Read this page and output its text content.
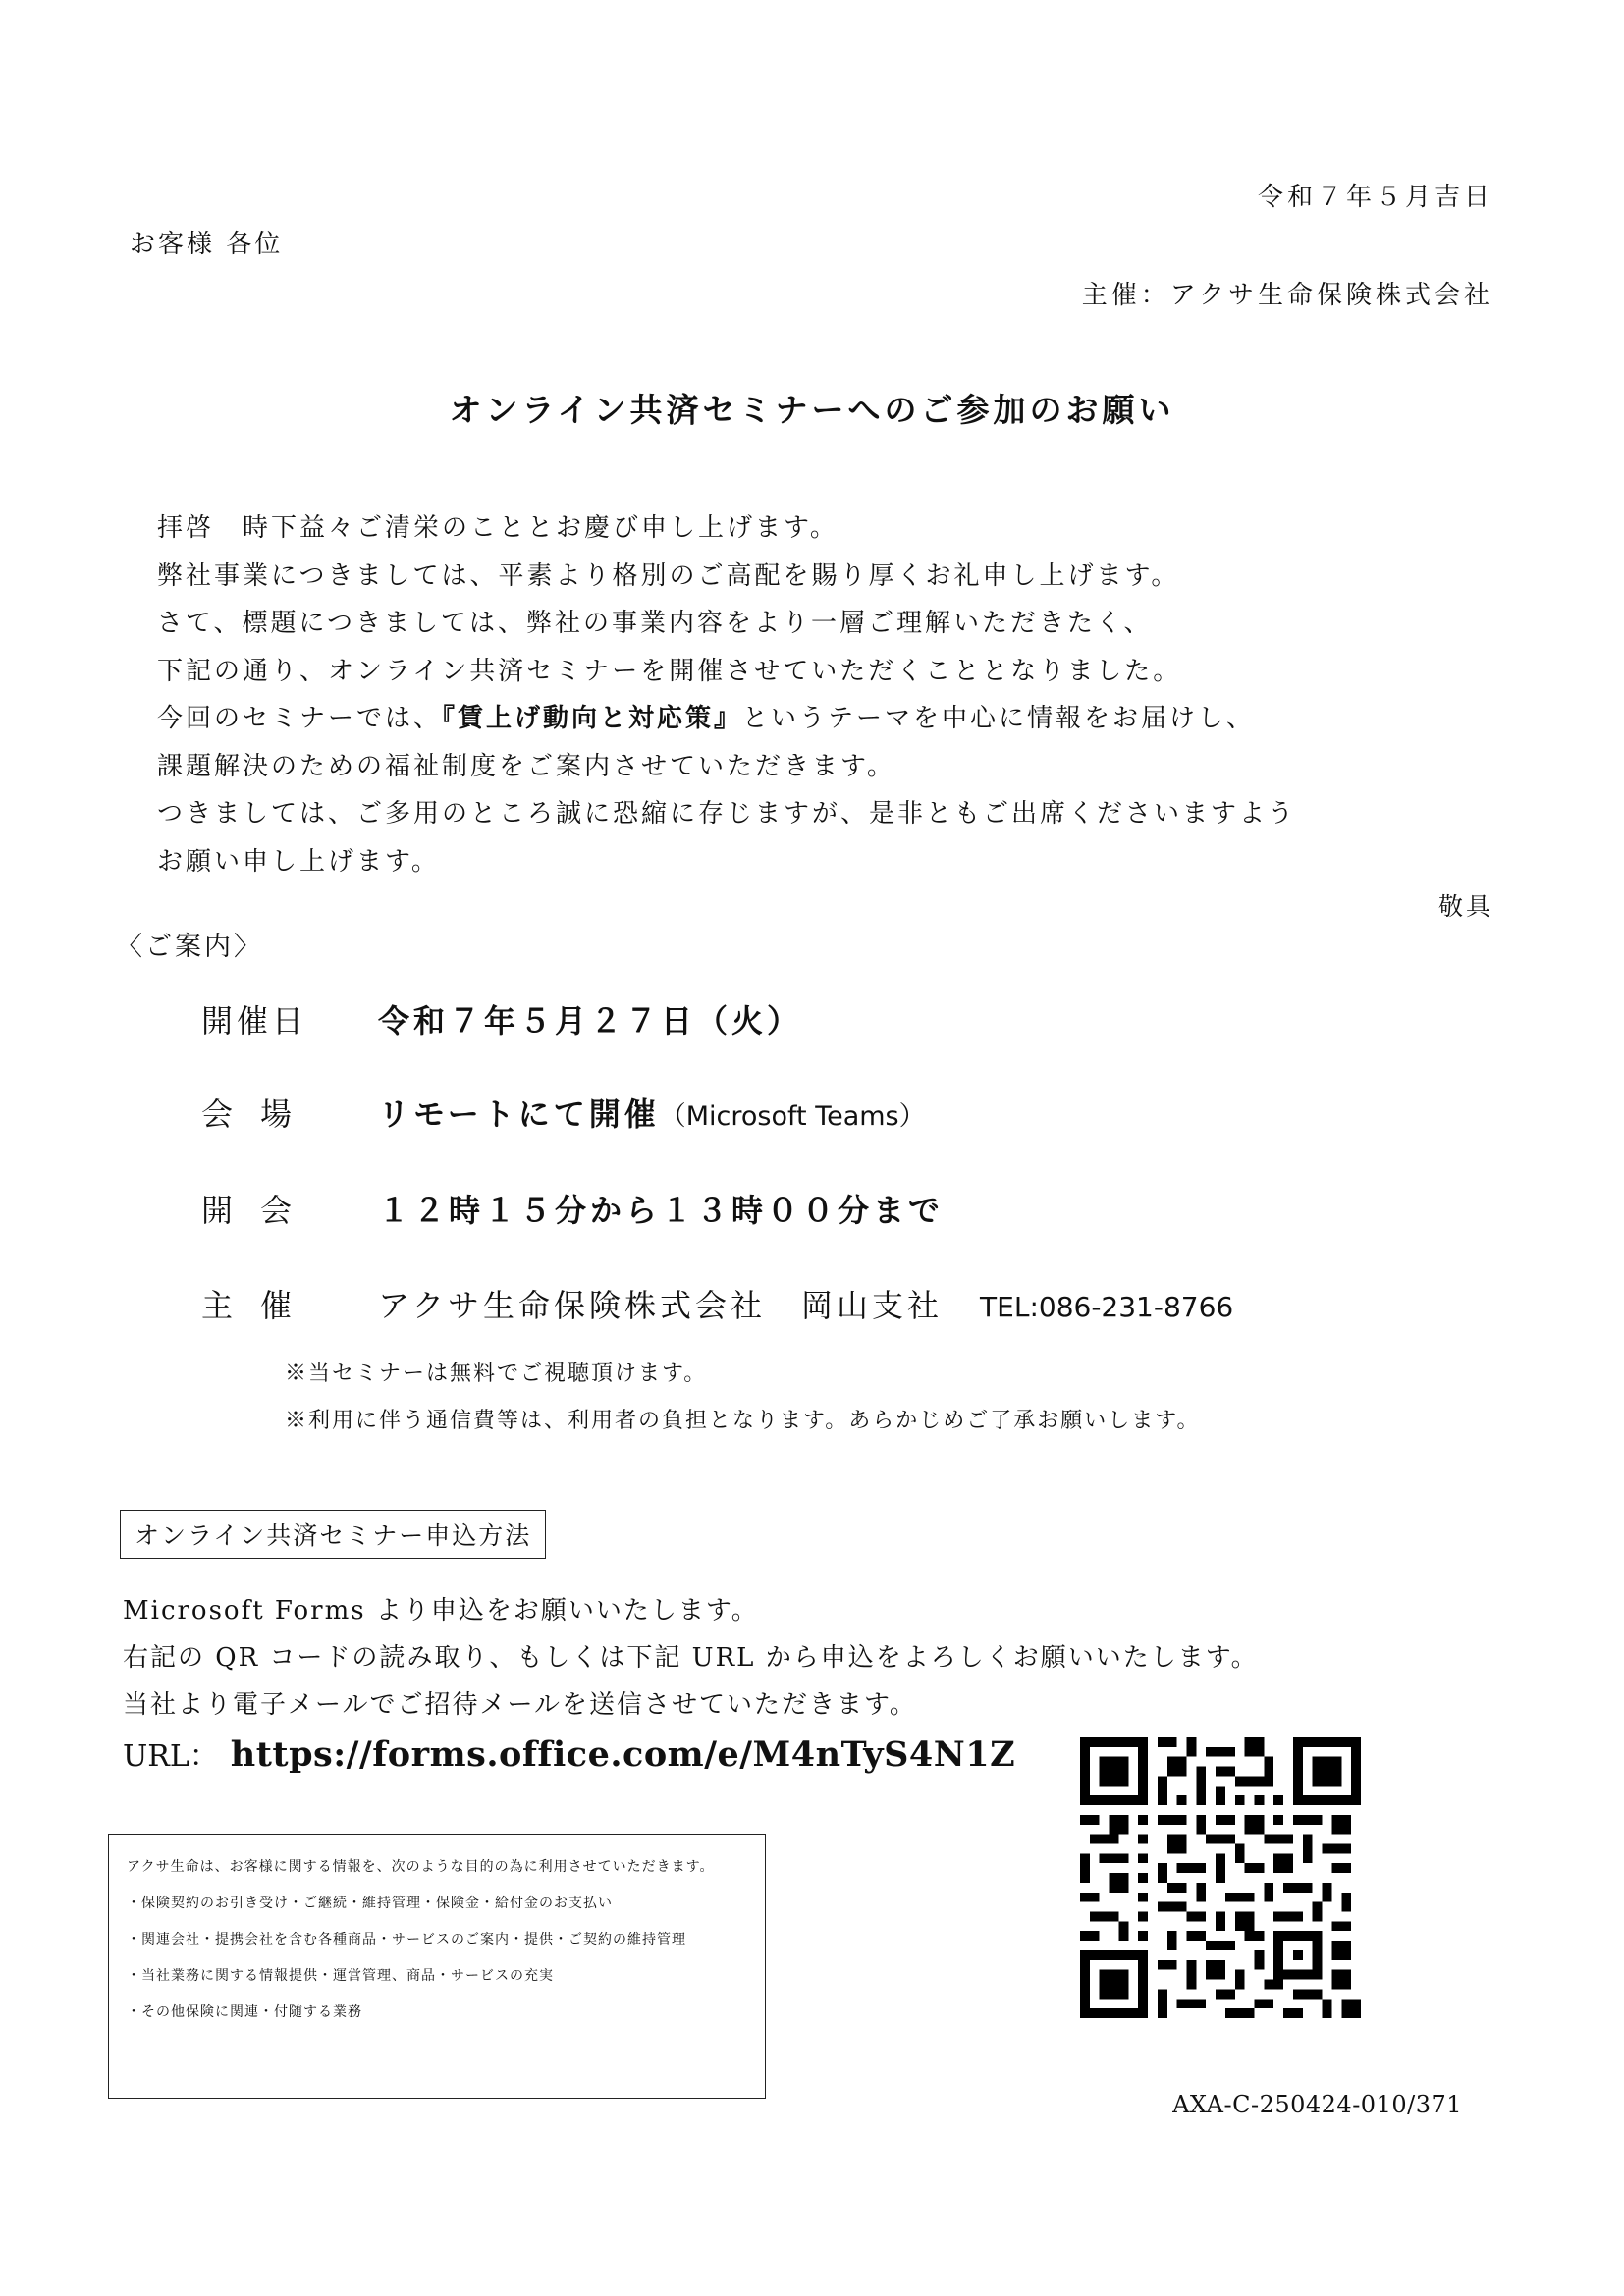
令和７年５月吉日
お客様 各位
主催：アクサ生命保険株式会社
オンライン共済セミナーへのご参加のお願い

拝啓　時下益々ご清栄のこととお慶び申し上げます。

弊社事業につきましては、平素より格別のご高配を賜り厚くお礼申し上げます。

さて、標題につきましては、弊社の事業内容をより一層ご理解いただきたく、

下記の通り、オンライン共済セミナーを開催させていただくこととなりました。

今回のセミナーでは、『賃上げ動向と対応策』というテーマを中心に情報をお届けし、

課題解決のための福祉制度をご案内させていただきます。

つきましては、ご多用のところ誠に恐縮に存じますが、是非ともご出席くださいますよう

お願い申し上げます。

敬具
〈ご案内〉
開催日 令和７年５月２７日（火）
会場 リモートにて開催（Microsoft Teams）
開会 １２時１５分から１３時００分まで
主催 アクサ生命保険株式会社　岡山支社 TEL:086-231-8766
※当セミナーは無料でご視聴頂けます。
※利用に伴う通信費等は、利用者の負担となります。あらかじめご了承お願いします。
オンライン共済セミナー申込方法
Microsoft Forms より申込をお願いいたします。
右記の QR コードの読み取り、もしくは下記 URL から申込をよろしくお願いいたします。
当社より電子メールでご招待メールを送信させていただきます。
URL： https://forms.office.com/e/M4nTyS4N1Z

アクサ生命は、お客様に関する情報を、次のような目的の為に利用させていただきます。

・保険契約のお引き受け・ご継続・維持管理・保険金・給付金のお支払い

・関連会社・提携会社を含む各種商品・サービスのご案内・提供・ご契約の維持管理

・当社業務に関する情報提供・運営管理、商品・サービスの充実

・その他保険に関連・付随する業務

AXA-C-250424-010/371
